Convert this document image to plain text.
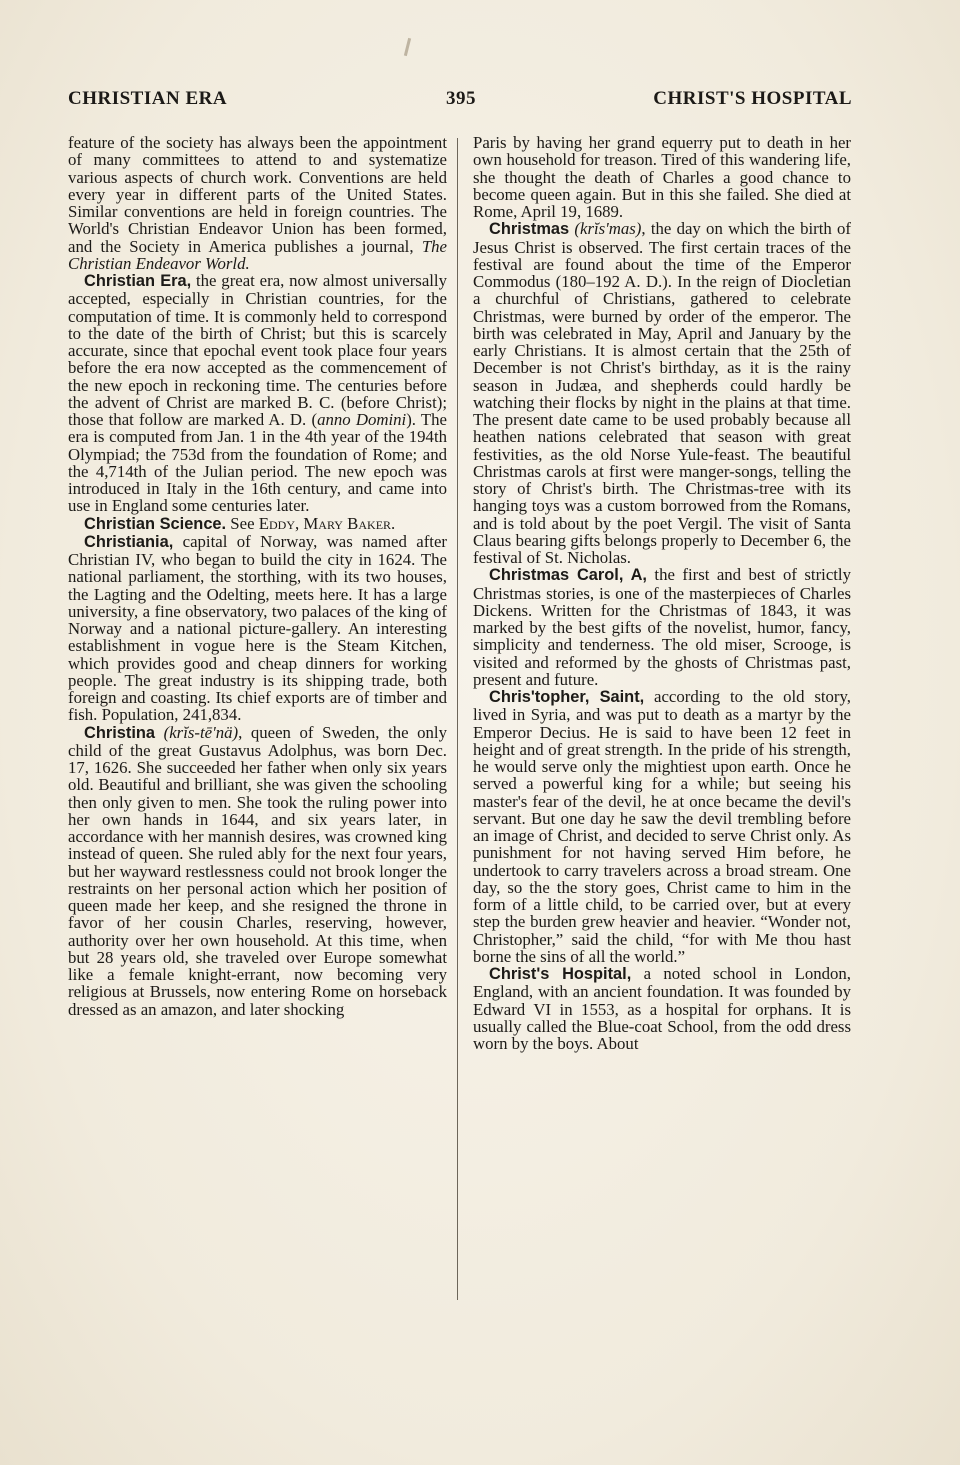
CHRISTIAN ERA	395	CHRIST'S HOSPITAL

feature of the society has always been the appointment of many committees to attend to and systematize various aspects of church work. Conventions are held every year in different parts of the United States. Similar conventions are held in foreign countries. The World's Christian Endeavor Union has been formed, and the Society in America publishes a journal, The Christian Endeavor World.

Christian Era, the great era, now almost universally accepted, especially in Christian countries, for the computation of time. It is commonly held to correspond to the date of the birth of Christ; but this is scarcely accurate, since that epochal event took place four years before the era now accepted as the commencement of the new epoch in reckoning time. The centuries before the advent of Christ are marked B. C. (before Christ); those that follow are marked A. D. (anno Domini). The era is computed from Jan. 1 in the 4th year of the 194th Olympiad; the 753d from the foundation of Rome; and the 4,714th of the Julian period. The new epoch was introduced in Italy in the 16th century, and came into use in England some centuries later.

Christian Science. See Eddy, Mary Baker.

Christiania, capital of Norway, was named after Christian IV, who began to build the city in 1624. The national parliament, the storthing, with its two houses, the Lagting and the Odelting, meets here. It has a large university, a fine observatory, two palaces of the king of Norway and a national picture-gallery. An interesting establishment in vogue here is the Steam Kitchen, which provides good and cheap dinners for working people. The great industry is its shipping trade, both foreign and coasting. Its chief exports are of timber and fish. Population, 241,834.

Christina (krĭs-tē'nä), queen of Sweden, the only child of the great Gustavus Adolphus, was born Dec. 17, 1626. She succeeded her father when only six years old. Beautiful and brilliant, she was given the schooling then only given to men. She took the ruling power into her own hands in 1644, and six years later, in accordance with her mannish desires, was crowned king instead of queen. She ruled ably for the next four years, but her wayward restlessness could not brook longer the restraints on her personal action which her position of queen made her keep, and she resigned the throne in favor of her cousin Charles, reserving, however, authority over her own household. At this time, when but 28 years old, she traveled over Europe somewhat like a female knight-errant, now becoming very religious at Brussels, now entering Rome on horseback dressed as an amazon, and later shocking

Paris by having her grand equerry put to death in her own household for treason. Tired of this wandering life, she thought the death of Charles a good chance to become queen again. But in this she failed. She died at Rome, April 19, 1689.

Christmas (krĭs'mas), the day on which the birth of Jesus Christ is observed. The first certain traces of the festival are found about the time of the Emperor Commodus (180–192 A. D.). In the reign of Diocletian a churchful of Christians, gathered to celebrate Christmas, were burned by order of the emperor. The birth was celebrated in May, April and January by the early Christians. It is almost certain that the 25th of December is not Christ's birthday, as it is the rainy season in Judæa, and shepherds could hardly be watching their flocks by night in the plains at that time. The present date came to be used probably because all heathen nations celebrated that season with great festivities, as the old Norse Yule-feast. The beautiful Christmas carols at first were manger-songs, telling the story of Christ's birth. The Christmas-tree with its hanging toys was a custom borrowed from the Romans, and is told about by the poet Vergil. The visit of Santa Claus bearing gifts belongs properly to December 6, the festival of St. Nicholas.

Christmas Carol, A, the first and best of strictly Christmas stories, is one of the masterpieces of Charles Dickens. Written for the Christmas of 1843, it was marked by the best gifts of the novelist, humor, fancy, simplicity and tenderness. The old miser, Scrooge, is visited and reformed by the ghosts of Christmas past, present and future.

Chris'topher, Saint, according to the old story, lived in Syria, and was put to death as a martyr by the Emperor Decius. He is said to have been 12 feet in height and of great strength. In the pride of his strength, he would serve only the mightiest upon earth. Once he served a powerful king for a while; but seeing his master's fear of the devil, he at once became the devil's servant. But one day he saw the devil trembling before an image of Christ, and decided to serve Christ only. As punishment for not having served Him before, he undertook to carry travelers across a broad stream. One day, so the the story goes, Christ came to him in the form of a little child, to be carried over, but at every step the burden grew heavier and heavier. “Wonder not, Christopher,” said the child, “for with Me thou hast borne the sins of all the world.”

Christ's Hospital, a noted school in London, England, with an ancient foundation. It was founded by Edward VI in 1553, as a hospital for orphans. It is usually called the Blue-coat School, from the odd dress worn by the boys. About
